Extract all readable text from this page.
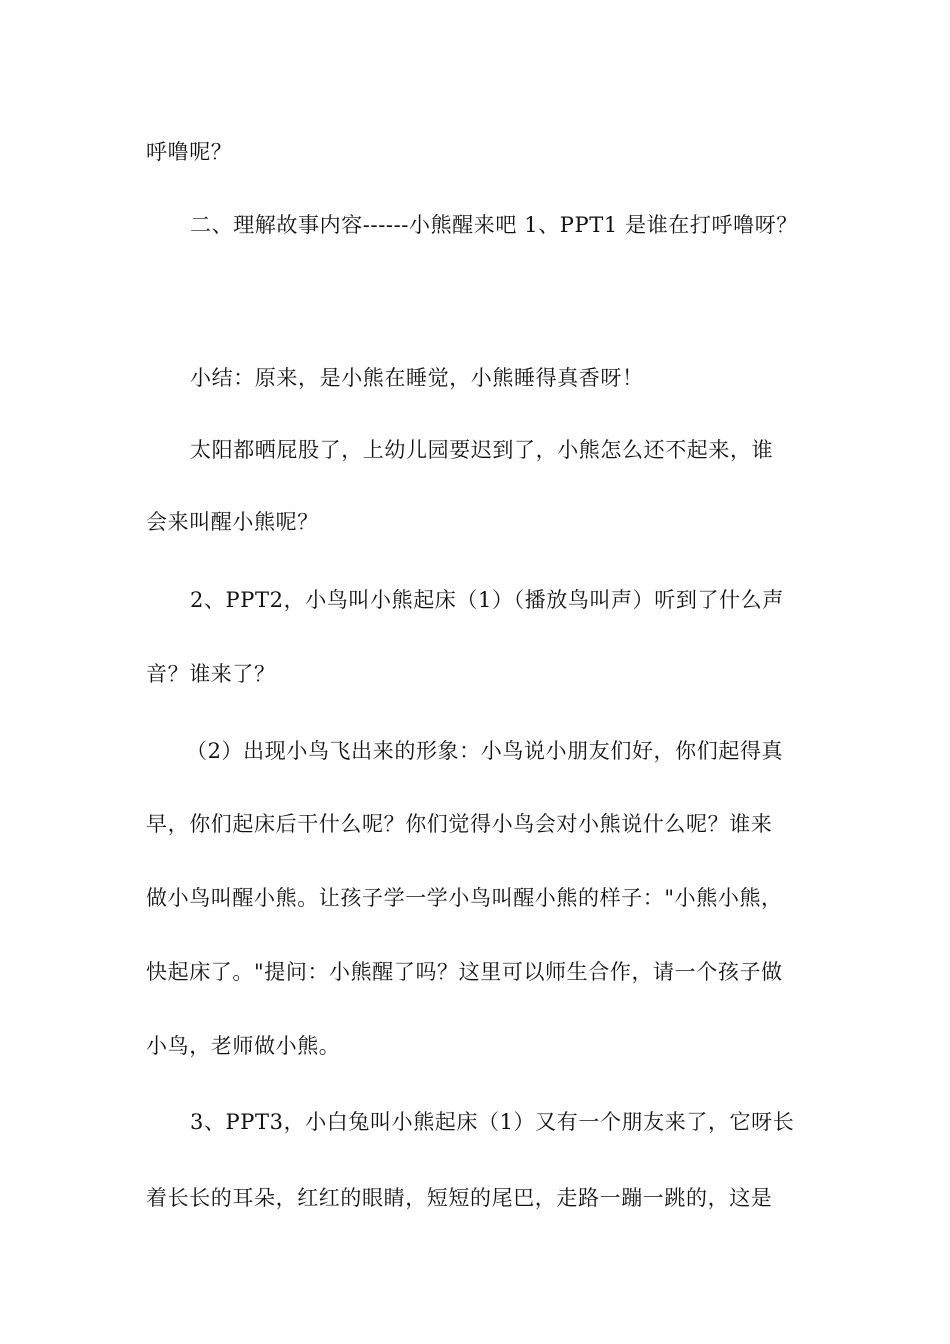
呼噜呢？
二、理解故事内容------小熊醒来吧 1、PPT1 是谁在打呼噜呀？
小结：原来，是小熊在睡觉，小熊睡得真香呀！
太阳都晒屁股了，上幼儿园要迟到了，小熊怎么还不起来，谁
会来叫醒小熊呢？
2、PPT2，小鸟叫小熊起床（1）（播放鸟叫声）听到了什么声
音？谁来了？
（2）出现小鸟飞出来的形象：小鸟说小朋友们好，你们起得真
早，你们起床后干什么呢？你们觉得小鸟会对小熊说什么呢？谁来
做小鸟叫醒小熊。让孩子学一学小鸟叫醒小熊的样子："小熊小熊，
快起床了。"提问：小熊醒了吗？这里可以师生合作，请一个孩子做
小鸟，老师做小熊。
3、PPT3，小白兔叫小熊起床（1）又有一个朋友来了，它呀长
着长长的耳朵，红红的眼睛，短短的尾巴，走路一蹦一跳的，这是
